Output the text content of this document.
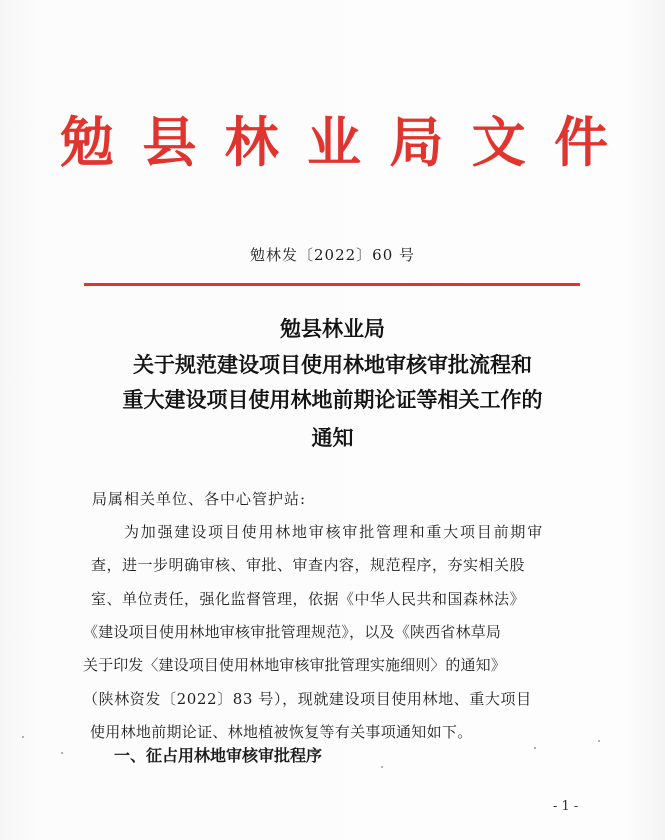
勉 县 林 业 局 文 件
勉林发〔2022〕60 号
勉县林业局
关于规范建设项目使用林地审核审批流程和
重大建设项目使用林地前期论证等相关工作的
通知
局属相关单位、各中心管护站:
为加强建设项目使用林地审核审批管理和重大项目前期审
查，进一步明确审核、审批、审查内容，规范程序，夯实相关股
室、单位责任，强化监督管理，依据《中华人民共和国森林法》
《建设项目使用林地审核审批管理规范》，以及《陕西省林草局
关于印发〈建设项目使用林地审核审批管理实施细则〉的通知》
（陕林资发〔2022〕83 号），现就建设项目使用林地、重大项目
使用林地前期论证、林地植被恢复等有关事项通知如下。
一、征占用林地审核审批程序
- 1 -
